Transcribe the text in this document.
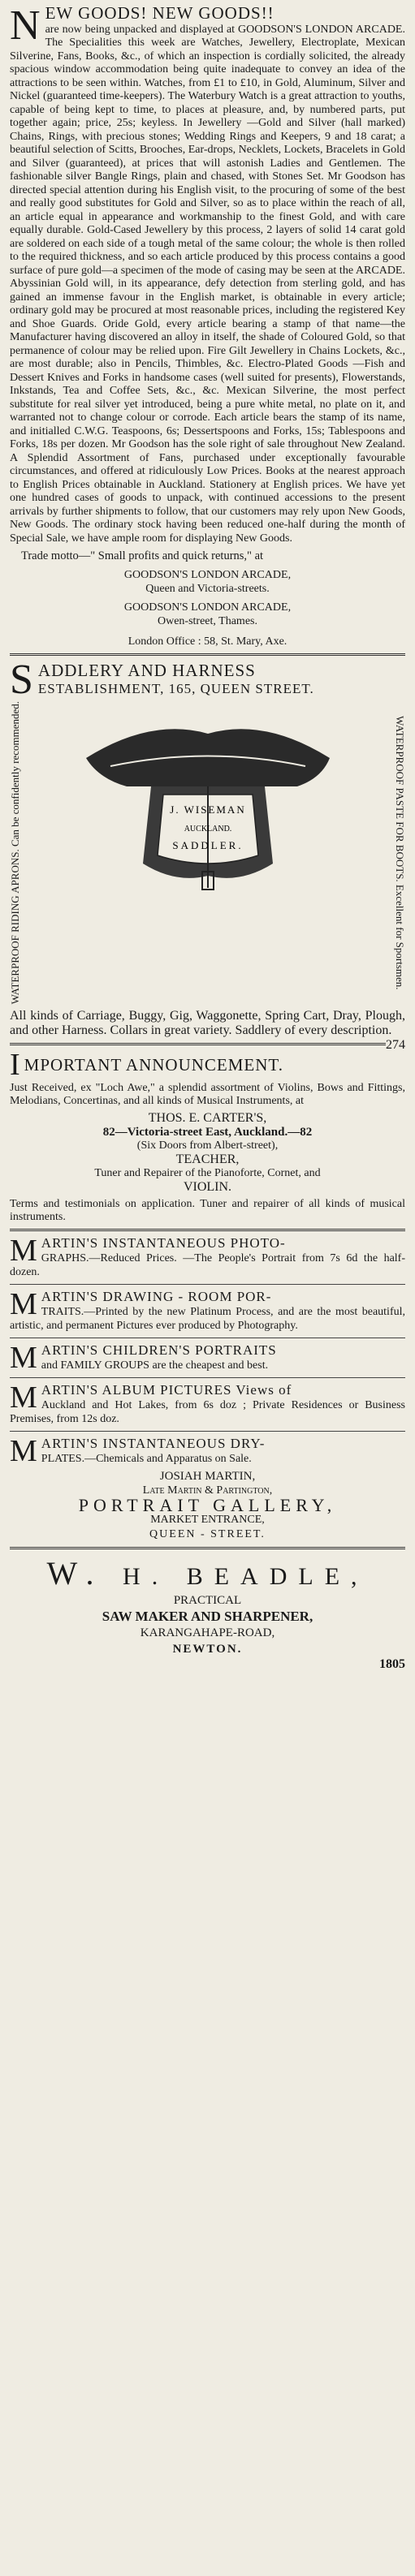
N EW GOODS! NEW GOODS!!
are now being unpacked and displayed at GOODSON'S LONDON ARCADE. The Specialities this week are Watches, Jewellery, Electroplate, Mexican Silverine, Fans, Books, &c., of which an inspection is cordially solicited, the already spacious window accommodation being quite inadequate to convey an idea of the attractions to be seen within. Watches, from £1 to £10, in Gold, Aluminum, Silver and Nickel (guaranteed time-keepers). The Waterbury Watch is a great attraction to youths, capable of being kept to time, to places at pleasure, and, by numbered parts, put together again; price, 25s; keyless. In Jewellery —Gold and Silver (hall marked) Chains, Rings, with precious stones; Wedding Rings and Keepers, 9 and 18 carat; a beautiful selection of Scitts, Brooches, Ear-drops, Necklets, Lockets, Bracelets in Gold and Silver (guaranteed), at prices that will astonish Ladies and Gentlemen. The fashionable silver Bangle Rings, plain and chased, with Stones Set. Mr Goodson has directed special attention during his English visit, to the procuring of some of the best and really good substitutes for Gold and Silver, so as to place within the reach of all, an article equal in appearance and workmanship to the finest Gold, and with care equally durable. Gold-Cased Jewellery by this process, 2 layers of solid 14 carat gold are soldered on each side of a tough metal of the same colour; the whole is then rolled to the required thickness, and so each article produced by this process contains a good surface of pure gold—a specimen of the mode of casing may be seen at the ARCADE. Abyssinian Gold will, in its appearance, defy detection from sterling gold, and has gained an immense favour in the English market, is obtainable in every article; ordinary gold may be procured at most reasonable prices, including the registered Key and Shoe Guards. Oride Gold, every article bearing a stamp of that name—the Manufacturer having discovered an alloy in itself, the shade of Coloured Gold, so that permanence of colour may be relied upon. Fire Gilt Jewellery in Chains Lockets, &c., are most durable; also in Pencils, Thimbles, &c. Electro-Plated Goods —Fish and Dessert Knives and Forks in handsome cases (well suited for presents), Flowerstands, Inkstands, Tea and Coffee Sets, &c., &c. Mexican Silverine, the most perfect substitute for real silver yet introduced, being a pure white metal, no plate on it, and warranted not to change colour or corrode. Each article bears the stamp of its name, and initialled C.W.G. Teaspoons, 6s; Dessertspoons and Forks, 15s; Tablespoons and Forks, 18s per dozen. Mr Goodson has the sole right of sale throughout New Zealand. A Splendid Assortment of Fans, purchased under exceptionally favourable circumstances, and offered at ridiculously Low Prices. Books at the nearest approach to English Prices obtainable in Auckland. Stationery at English prices. We have yet one hundred cases of goods to unpack, with continued accessions to the present arrivals by further shipments to follow, that our customers may rely upon New Goods, New Goods. The ordinary stock having been reduced one-half during the month of Special Sale, we have ample room for displaying New Goods.

Trade motto—" Small profits and quick returns," at

GOODSON'S LONDON ARCADE,
Queen and Victoria-streets.
GOODSON'S LONDON ARCADE,
Owen-street, Thames.
London Office : 58, St. Mary, Axe.
S ADDLERY AND HARNESS
ESTABLISHMENT, 165, QUEEN STREET.
WATERPROOF RIDING APRONS. Can be confidently recommended.	J. WISEMAN
AUCKLAND.
SADDLER.	WATERPROOF PASTE FOR BOOTS. Excellent for Sportsmen.

All kinds of Carriage, Buggy, Gig, Waggonette, Spring Cart, Dray, Plough, and other Harness. Collars in great variety. Saddlery of every description.
274

I MPORTANT ANNOUNCEMENT.

Just Received, ex "Loch Awe," a splendid assortment of Violins, Bows and Fittings, Melodians, Concertinas, and all kinds of Musical Instruments, at

THOS. E. CARTER'S,
82—Victoria-street East, Auckland.—82
(Six Doors from Albert-street),
TEACHER,
Tuner and Repairer of the Pianoforte, Cornet, and
VIOLIN.

Terms and testimonials on application. Tuner and repairer of all kinds of musical instruments.

MARTIN'S INSTANTANEOUS PHOTO-
GRAPHS.—Reduced Prices. —The People's Portrait from 7s 6d the half-dozen.

MARTIN'S DRAWING - ROOM POR-
TRAITS.—Printed by the new Platinum Process, and are the most beautiful, artistic, and permanent Pictures ever produced by Photography.

MARTIN'S CHILDREN'S PORTRAITS
and FAMILY GROUPS are the cheapest and best.

MARTIN'S ALBUM PICTURES Views of
Auckland and Hot Lakes, from 6s doz ; Private Residences or Business Premises, from 12s doz.

MARTIN'S INSTANTANEOUS DRY-
PLATES.—Chemicals and Apparatus on Sale.

JOSIAH MARTIN,
Late Martin & Partington,
PORTRAIT GALLERY,
MARKET ENTRANCE,
QUEEN - STREET.
W. H. BEADLE,
PRACTICAL
SAW MAKER AND SHARPENER,
KARANGAHAPE-ROAD,
NEWTON.
1805
